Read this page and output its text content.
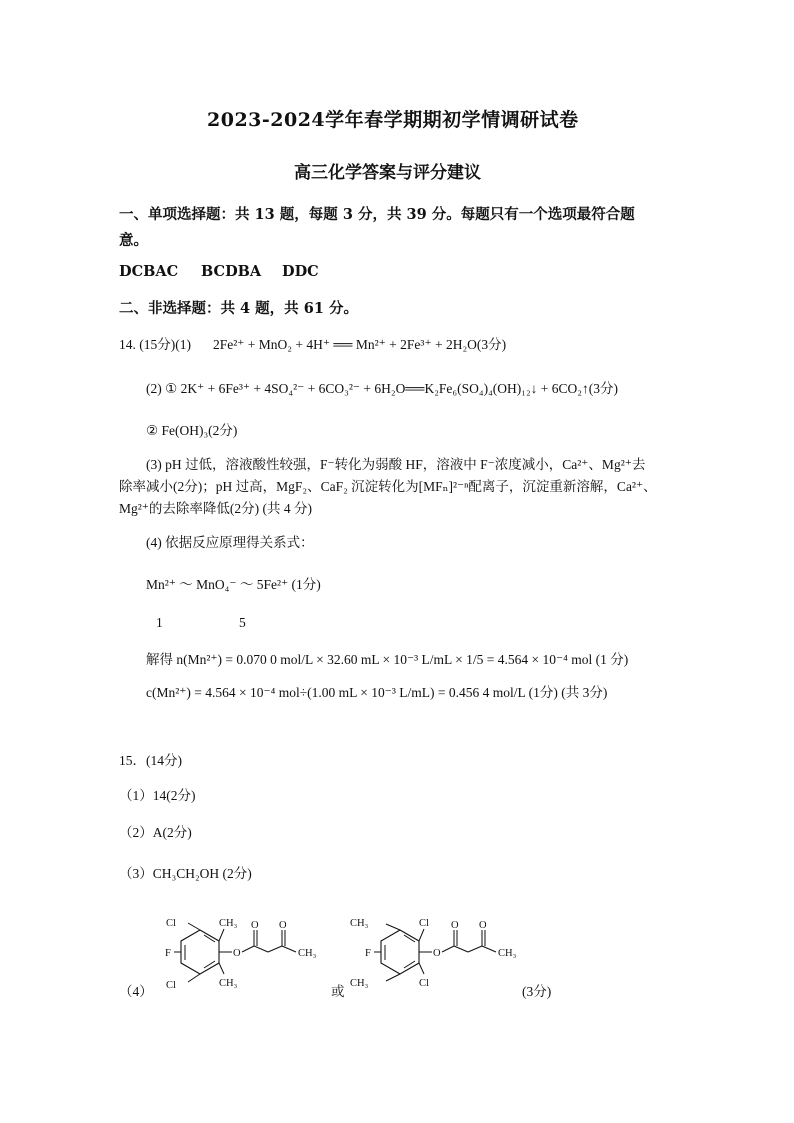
2023-2024学年春学期期初学情调研试卷
高三化学答案与评分建议
一、单项选择题：共 13 题，每题 3 分，共 39 分。每题只有一个选项最符合题
意。
DCBAC BCDBA DDC
二、非选择题：共 4 题，共 61 分。
14. (15分)(1) 2Fe²⁺ + MnO₂ + 4H⁺ ══ Mn²⁺ + 2Fe³⁺ + 2H₂O(3分)
(2) ① 2K⁺ + 6Fe³⁺ + 4SO₄²⁻ + 6CO₃²⁻ + 6H₂O══K₂Fe₆(SO₄)₄(OH)₁₂↓ + 6CO₂↑(3分)
② Fe(OH)₃(2分)
(3) pH 过低，溶液酸性较强，F⁻转化为弱酸 HF，溶液中 F⁻浓度减小，Ca²⁺、Mg²⁺去
除率减小(2分)；pH 过高，MgF₂、CaF₂ 沉淀转化为[MFₙ]²⁻ⁿ配离子，沉淀重新溶解，Ca²⁺、
Mg²⁺的去除率降低(2分) (共 4 分)
(4) 依据反应原理得关系式：
Mn²⁺ ～ MnO₄⁻ ～ 5Fe²⁺ (1分)
1	5
解得 n(Mn²⁺) = 0.070 0 mol/L × 32.60 mL × 10⁻³ L/mL × 1/5 = 4.564 × 10⁻⁴ mol (1 分)
c(Mn²⁺) = 4.564 × 10⁻⁴ mol÷(1.00 mL × 10⁻³ L/mL) = 0.456 4 mol/L (1分) (共 3分)
15．(14分)
（1）14(2分)
（2）A(2分)
（3）CH₃CH₂OH (2分)
（4）	或	(3分)
Cl	CH₃
F
Cl	CH₃
O
O O
CH₃
CH₃	Cl
F
CH₃	Cl
O
O O
CH₃
